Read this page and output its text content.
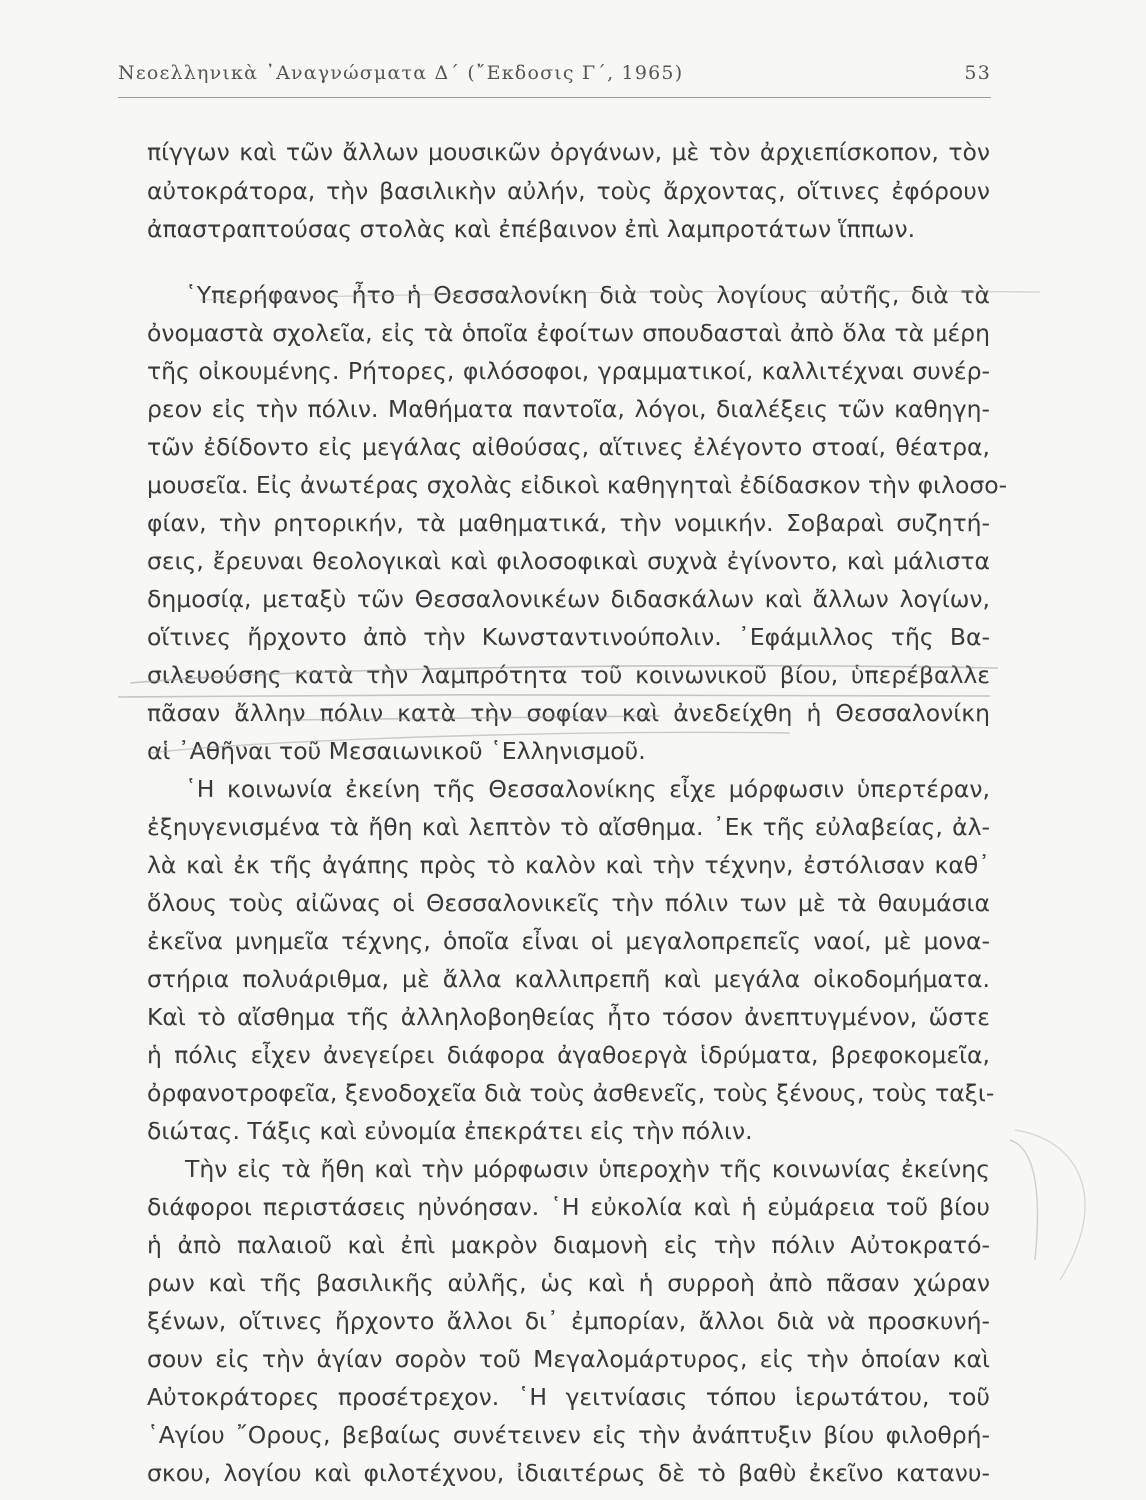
Νεοελληνικὰ ᾿Αναγνώσματα Δ΄ (῎Εκδοσις Γ΄, 1965)	53
πίγγων καὶ τῶν ἄλλων μουσικῶν ὀργάνων, μὲ τὸν ἀρχιεπίσκοπον, τὸν
αὐτοκράτορα, τὴν βασιλικὴν αὐλήν, τοὺς ἄρχοντας, οἵτινες ἐφόρουν
ἀπαστραπτούσας στολὰς καὶ ἐπέβαινον ἐπὶ λαμπροτάτων ἵππων.
῾Υπερήφανος ἦτο ἡ Θεσσαλονίκη διὰ τοὺς λογίους αὐτῆς, διὰ τὰ
ὀνομαστὰ σχολεῖα, εἰς τὰ ὁποῖα ἐφοίτων σπουδασταὶ ἀπὸ ὅλα τὰ μέρη
τῆς οἰκουμένης. Ρήτορες, φιλόσοφοι, γραμματικοί, καλλιτέχναι συνέρ-
ρεον εἰς τὴν πόλιν. Μαθήματα παντοῖα, λόγοι, διαλέξεις τῶν καθηγη-
τῶν ἐδίδοντο εἰς μεγάλας αἰθούσας, αἵτινες ἐλέγοντο στοαί, θέατρα,
μουσεῖα. Εἰς ἀνωτέρας σχολὰς εἰδικοὶ καθηγηταὶ ἐδίδασκον τὴν φιλοσο-
φίαν, τὴν ρητορικήν, τὰ μαθηματικά, τὴν νομικήν. Σοβαραὶ συζητή-
σεις, ἔρευναι θεολογικαὶ καὶ φιλοσοφικαὶ συχνὰ ἐγίνοντο, καὶ μάλιστα
δημοσίᾳ, μεταξὺ τῶν Θεσσαλονικέων διδασκάλων καὶ ἄλλων λογίων,
οἵτινες ἤρχοντο ἀπὸ τὴν Κωνσταντινούπολιν. ᾿Εφάμιλλος τῆς Βα-
σιλευούσης κατὰ τὴν λαμπρότητα τοῦ κοινωνικοῦ βίου, ὑπερέβαλλε
πᾶσαν ἄλλην πόλιν κατὰ τὴν σοφίαν καὶ ἀνεδείχθη ἡ Θεσσαλονίκη
αἱ ᾿Αθῆναι τοῦ Μεσαιωνικοῦ ῾Ελληνισμοῦ.
῾Η κοινωνία ἐκείνη τῆς Θεσσαλονίκης εἶχε μόρφωσιν ὑπερτέραν,
ἐξηυγενισμένα τὰ ἤθη καὶ λεπτὸν τὸ αἴσθημα. ᾿Εκ τῆς εὐλαβείας, ἀλ-
λὰ καὶ ἐκ τῆς ἀγάπης πρὸς τὸ καλὸν καὶ τὴν τέχνην, ἐστόλισαν καθ᾿
ὅλους τοὺς αἰῶνας οἱ Θεσσαλονικεῖς τὴν πόλιν των μὲ τὰ θαυμάσια
ἐκεῖνα μνημεῖα τέχνης, ὁποῖα εἶναι οἱ μεγαλοπρεπεῖς ναοί, μὲ μονα-
στήρια πολυάριθμα, μὲ ἄλλα καλλιπρεπῆ καὶ μεγάλα οἰκοδομήματα.
Καὶ τὸ αἴσθημα τῆς ἀλληλοβοηθείας ἦτο τόσον ἀνεπτυγμένον, ὥστε
ἡ πόλις εἶχεν ἀνεγείρει διάφορα ἀγαθοεργὰ ἱδρύματα, βρεφοκομεῖα,
ὀρφανοτροφεῖα, ξενοδοχεῖα διὰ τοὺς ἀσθενεῖς, τοὺς ξένους, τοὺς ταξι-
διώτας. Τάξις καὶ εὐνομία ἐπεκράτει εἰς τὴν πόλιν.
Τὴν εἰς τὰ ἤθη καὶ τὴν μόρφωσιν ὑπεροχὴν τῆς κοινωνίας ἐκείνης
διάφοροι περιστάσεις ηὐνόησαν. ῾Η εὐκολία καὶ ἡ εὐμάρεια τοῦ βίου
ἡ ἀπὸ παλαιοῦ καὶ ἐπὶ μακρὸν διαμονὴ εἰς τὴν πόλιν Αὐτοκρατό-
ρων καὶ τῆς βασιλικῆς αὐλῆς, ὡς καὶ ἡ συρροὴ ἀπὸ πᾶσαν χώραν
ξένων, οἵτινες ἤρχοντο ἄλλοι δι᾿ ἐμπορίαν, ἄλλοι διὰ νὰ προσκυνή-
σουν εἰς τὴν ἁγίαν σορὸν τοῦ Μεγαλομάρτυρος, εἰς τὴν ὁποίαν καὶ
Αὐτοκράτορες προσέτρεχον. ῾Η γειτνίασις τόπου ἱερωτάτου, τοῦ
῾Αγίου ῎Ορους, βεβαίως συνέτεινεν εἰς τὴν ἀνάπτυξιν βίου φιλοθρή-
σκου, λογίου καὶ φιλοτέχνου, ἰδιαιτέρως δὲ τὸ βαθὺ ἐκεῖνο κατανυ-
